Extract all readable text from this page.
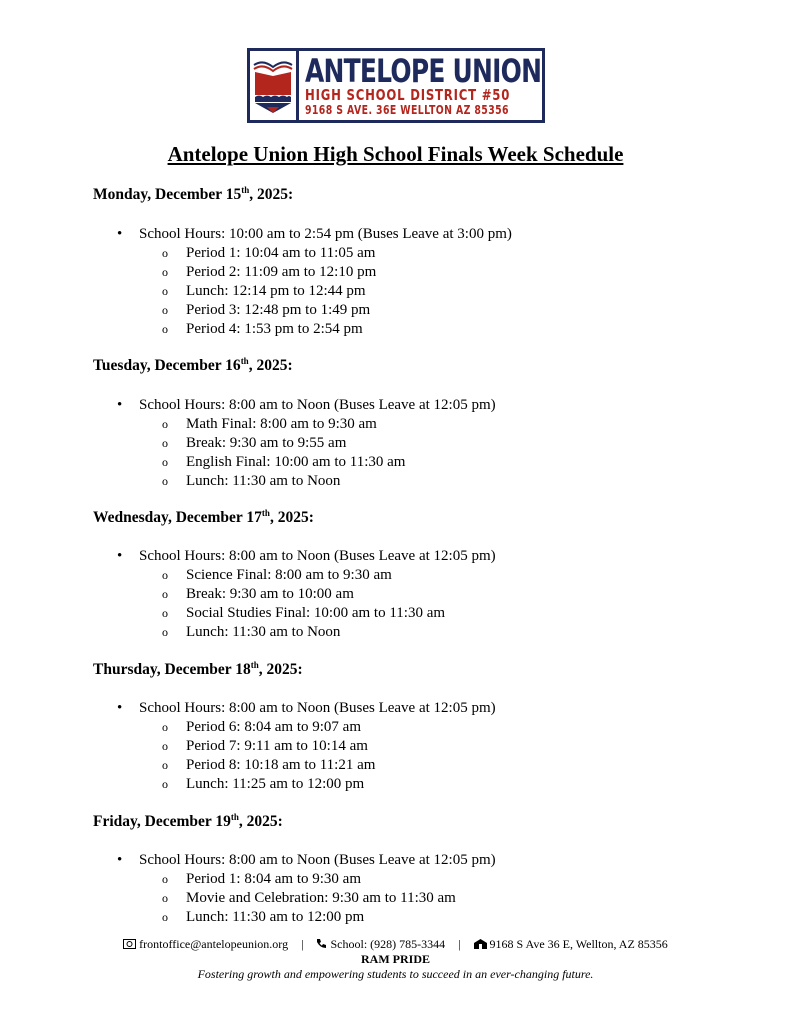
ANTELOPE UNION
HIGH SCHOOL DISTRICT #50
9168 S AVE. 36E WELLTON AZ 85356
Antelope Union High School Finals Week Schedule
Monday, December 15th, 2025:
• School Hours: 10:00 am to 2:54 pm (Buses Leave at 3:00 pm)
o Period 1: 10:04 am to 11:05 am
o Period 2: 11:09 am to 12:10 pm
o Lunch: 12:14 pm to 12:44 pm
o Period 3: 12:48 pm to 1:49 pm
o Period 4: 1:53 pm to 2:54 pm
Tuesday, December 16th, 2025:
• School Hours: 8:00 am to Noon (Buses Leave at 12:05 pm)
o Math Final: 8:00 am to 9:30 am
o Break: 9:30 am to 9:55 am
o English Final: 10:00 am to 11:30 am
o Lunch: 11:30 am to Noon
Wednesday, December 17th, 2025:
• School Hours: 8:00 am to Noon (Buses Leave at 12:05 pm)
o Science Final: 8:00 am to 9:30 am
o Break: 9:30 am to 10:00 am
o Social Studies Final: 10:00 am to 11:30 am
o Lunch: 11:30 am to Noon
Thursday, December 18th, 2025:
• School Hours: 8:00 am to Noon (Buses Leave at 12:05 pm)
o Period 6: 8:04 am to 9:07 am
o Period 7: 9:11 am to 10:14 am
o Period 8: 10:18 am to 11:21 am
o Lunch: 11:25 am to 12:00 pm
Friday, December 19th, 2025:
• School Hours: 8:00 am to Noon (Buses Leave at 12:05 pm)
o Period 1: 8:04 am to 9:30 am
o Movie and Celebration: 9:30 am to 11:30 am
o Lunch: 11:30 am to 12:00 pm
frontoffice@antelopeunion.org | School: (928) 785-3344 | 9168 S Ave 36 E, Wellton, AZ 85356
RAM PRIDE
Fostering growth and empowering students to succeed in an ever-changing future.
